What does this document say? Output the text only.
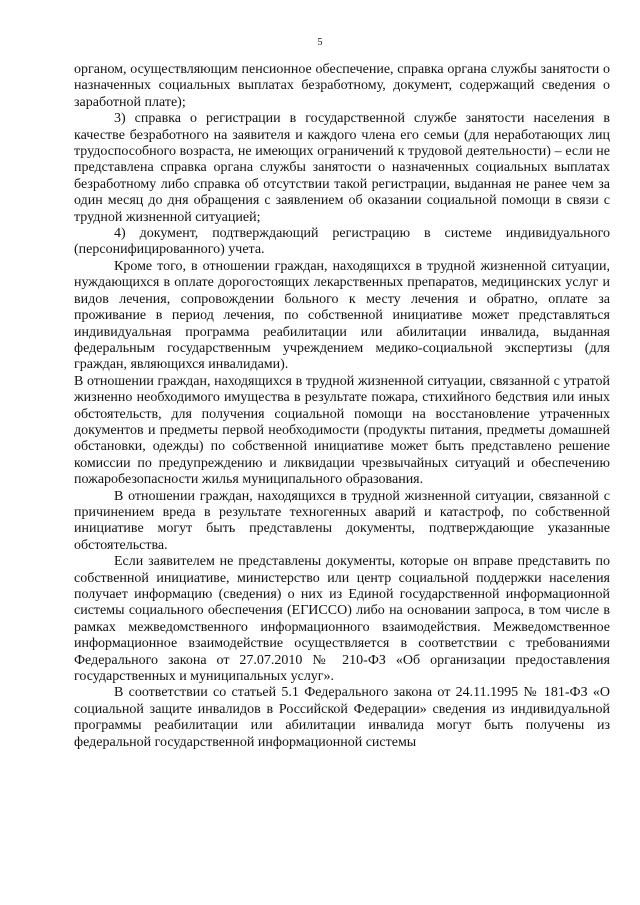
5

органом, осуществляющим пенсионное обеспечение, справка органа службы занятости о назначенных социальных выплатах безработному, документ, содержащий сведения о заработной плате);

3) справка о регистрации в государственной службе занятости населения в качестве безработного на заявителя и каждого члена его семьи (для неработающих лиц трудоспособного возраста, не имеющих ограничений к трудовой деятельности) – если не представлена справка органа службы занятости о назначенных социальных выплатах безработному либо справка об отсутствии такой регистрации, выданная не ранее чем за один месяц до дня обращения с заявлением об оказании социальной помощи в связи с трудной жизненной ситуацией;

4) документ, подтверждающий регистрацию в системе индивидуального (персонифицированного) учета.

Кроме того, в отношении граждан, находящихся в трудной жизненной ситуации, нуждающихся в оплате дорогостоящих лекарственных препаратов, медицинских услуг и видов лечения, сопровождении больного к месту лечения и обратно, оплате за проживание в период лечения, по собственной инициативе может представляться индивидуальная программа реабилитации или абилитации инвалида, выданная федеральным государственным учреждением медико-социальной экспертизы (для граждан, являющихся инвалидами).

В отношении граждан, находящихся в трудной жизненной ситуации, связанной с утратой жизненно необходимого имущества в результате пожара, стихийного бедствия или иных обстоятельств, для получения социальной помощи на восстановление утраченных документов и предметы первой необходимости (продукты питания, предметы домашней обстановки, одежды) по собственной инициативе может быть представлено решение комиссии по предупреждению и ликвидации чрезвычайных ситуаций и обеспечению пожаробезопасности жилья муниципального образования.

В отношении граждан, находящихся в трудной жизненной ситуации, связанной с причинением вреда в результате техногенных аварий и катастроф, по собственной инициативе могут быть представлены документы, подтверждающие указанные обстоятельства.

Если заявителем не представлены документы, которые он вправе представить по собственной инициативе, министерство или центр социальной поддержки населения получает информацию (сведения) о них из Единой государственной информационной системы социального обеспечения (ЕГИССО) либо на основании запроса, в том числе в рамках межведомственного информационного взаимодействия. Межведомственное информационное взаимодействие осуществляется в соответствии с требованиями Федерального закона от 27.07.2010 № 210-ФЗ «Об организации предоставления государственных и муниципальных услуг».

В соответствии со статьей 5.1 Федерального закона от 24.11.1995 № 181-ФЗ «О социальной защите инвалидов в Российской Федерации» сведения из индивидуальной программы реабилитации или абилитации инвалида могут быть получены из федеральной государственной информационной системы
